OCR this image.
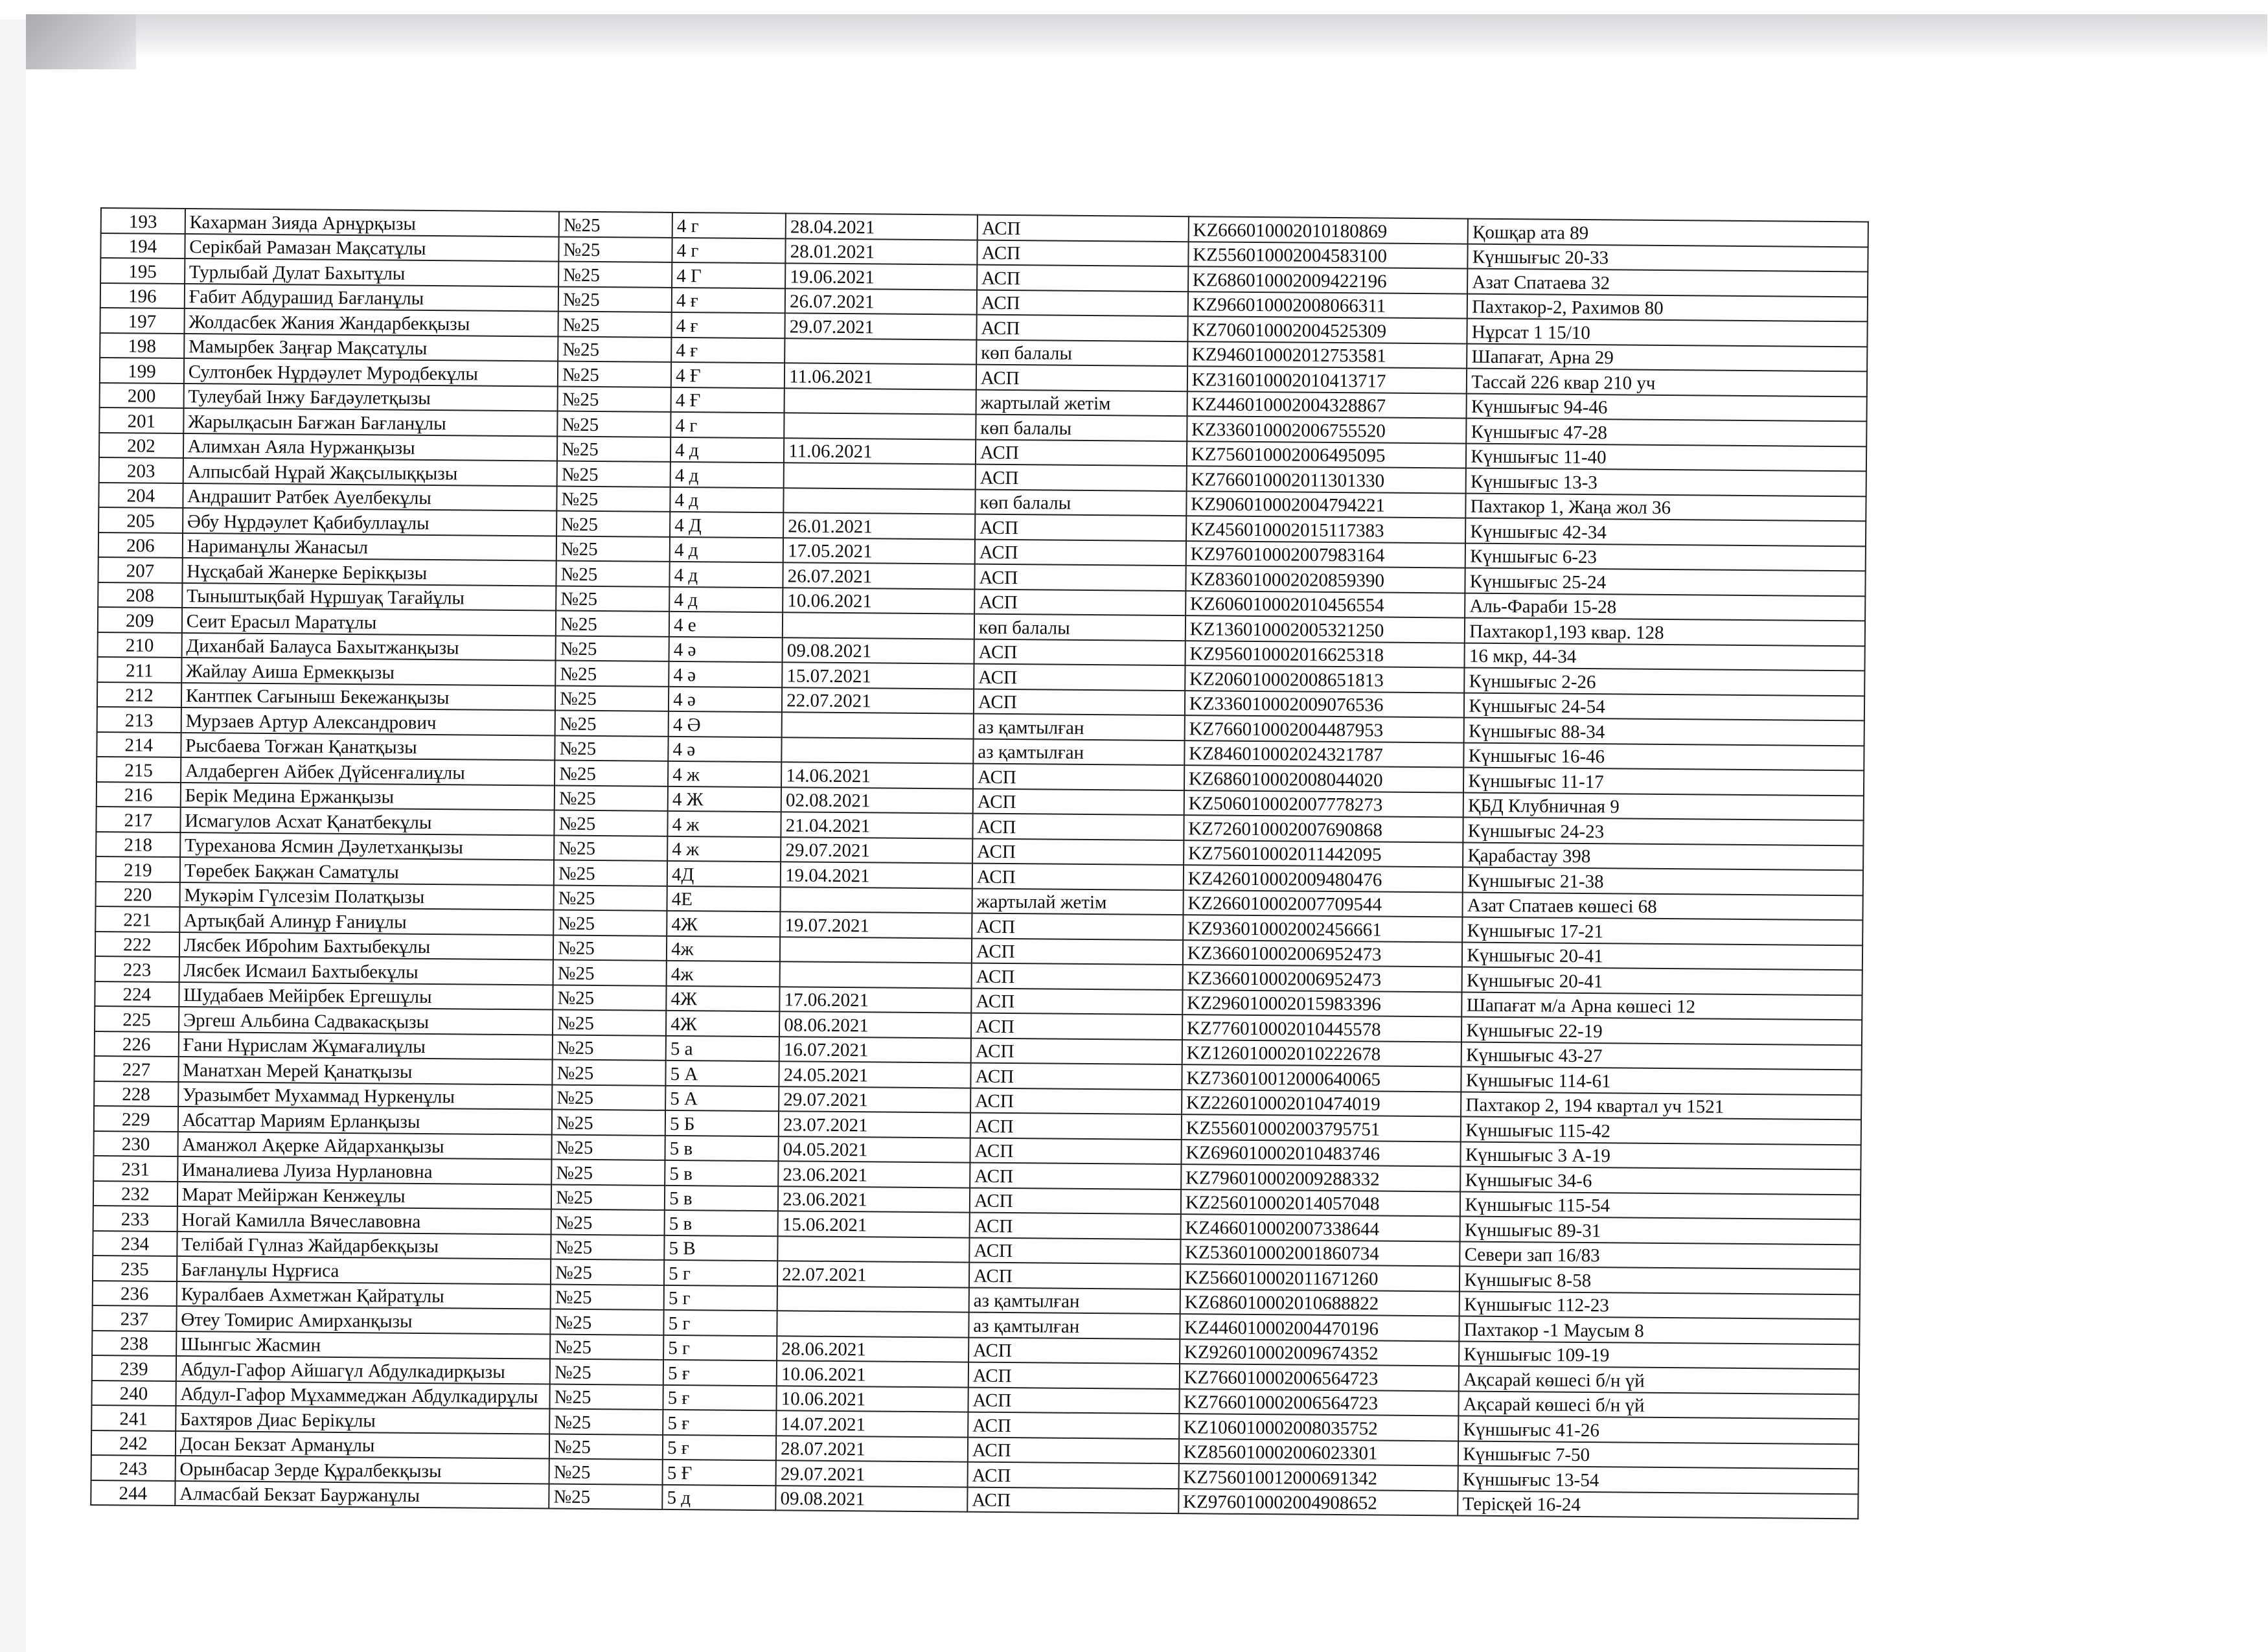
193	Кахарман Зияда Арнұрқызы	№25	4 г	28.04.2021	АСП	KZ666010002010180869	Қошқар ата 89
194	Серікбай Рамазан Мақсатұлы	№25	4 г	28.01.2021	АСП	KZ556010002004583100	Күншығыс 20-33
195	Турлыбай Дулат Бахытұлы	№25	4 Г	19.06.2021	АСП	KZ686010002009422196	Азат Спатаева 32
196	Ғабит Абдурашид Бағланұлы	№25	4 ғ	26.07.2021	АСП	KZ966010002008066311	Пахтакор-2, Рахимов 80
197	Жолдасбек Жания Жандарбекқызы	№25	4 ғ	29.07.2021	АСП	KZ706010002004525309	Нұрсат 1 15/10
198	Мамырбек Заңғар Мақсатұлы	№25	4 ғ		көп балалы	KZ946010002012753581	Шапағат, Арна 29
199	Султонбек Нұрдәулет Муродбекұлы	№25	4 Ғ	11.06.2021	АСП	KZ316010002010413717	Тассай 226 квар 210 уч
200	Тулеубай Інжу Бағдәулетқызы	№25	4 Ғ		жартылай жетім	KZ446010002004328867	Күншығыс 94-46
201	Жарылқасын Бағжан Бағланұлы	№25	4 г		көп балалы	KZ336010002006755520	Күншығыс 47-28
202	Алимхан Аяла Нуржанқызы	№25	4 д	11.06.2021	АСП	KZ756010002006495095	Күншығыс 11-40
203	Алпысбай Нұрай Жақсылыққызы	№25	4 д		АСП	KZ766010002011301330	Күншығыс 13-3
204	Андрашит Ратбек Ауелбекұлы	№25	4 д		көп балалы	KZ906010002004794221	Пахтакор 1, Жаңа жол 36
205	Әбу Нұрдәулет Қабибуллаұлы	№25	4 Д	26.01.2021	АСП	KZ456010002015117383	Күншығыс 42-34
206	Нариманұлы Жанасыл	№25	4 д	17.05.2021	АСП	KZ976010002007983164	Күншығыс 6-23
207	Нұсқабай Жанерке Берікқызы	№25	4 д	26.07.2021	АСП	KZ836010002020859390	Күншығыс 25-24
208	Тыныштықбай Нұршуақ Тағайұлы	№25	4 д	10.06.2021	АСП	KZ606010002010456554	Аль-Фараби 15-28
209	Сеит Ерасыл Маратұлы	№25	4 е		көп балалы	KZ136010002005321250	Пахтакор1,193 квар. 128
210	Диханбай Балауса Бахытжанқызы	№25	4 ә	09.08.2021	АСП	KZ956010002016625318	16 мкр, 44-34
211	Жайлау Аиша Ермекқызы	№25	4 ә	15.07.2021	АСП	KZ206010002008651813	Күншығыс 2-26
212	Кантпек Сағыныш Бекежанқызы	№25	4 ә	22.07.2021	АСП	KZ336010002009076536	Күншығыс 24-54
213	Мурзаев Артур Александрович	№25	4 Ә		аз қамтылған	KZ766010002004487953	Күншығыс 88-34
214	Рысбаева Тоғжан Қанатқызы	№25	4 ә		аз қамтылған	KZ846010002024321787	Күншығыс 16-46
215	Алдаберген Айбек Дүйсенғалиұлы	№25	4 ж	14.06.2021	АСП	KZ686010002008044020	Күншығыс 11-17
216	Берік Медина Ержанқызы	№25	4 Ж	02.08.2021	АСП	KZ506010002007778273	ҚБД Клубничная 9
217	Исмагулов Асхат Қанатбекұлы	№25	4 ж	21.04.2021	АСП	KZ726010002007690868	Күншығыс 24-23
218	Туреханова Ясмин Дәулетханқызы	№25	4 ж	29.07.2021	АСП	KZ756010002011442095	Қарабастау 398
219	Төребек Бақжан Саматұлы	№25	4Д	19.04.2021	АСП	KZ426010002009480476	Күншығыс 21-38
220	Мукәрім Гүлсезім Полатқызы	№25	4Е		жартылай жетім	KZ266010002007709544	Азат Спатаев көшесі 68
221	Артықбай Алинұр Ғаниұлы	№25	4Ж	19.07.2021	АСП	KZ936010002002456661	Күншығыс 17-21
222	Лясбек Иброһим Бахтыбекұлы	№25	4ж		АСП	KZ366010002006952473	Күншығыс 20-41
223	Лясбек Исмаил Бахтыбекұлы	№25	4ж		АСП	KZ366010002006952473	Күншығыс 20-41
224	Шудабаев Мейірбек Ергешұлы	№25	4Ж	17.06.2021	АСП	KZ296010002015983396	Шапағат м/а Арна көшесі 12
225	Эргеш Альбина Садвакасқызы	№25	4Ж	08.06.2021	АСП	KZ776010002010445578	Күншығыс 22-19
226	Ғани Нұрислам Жұмағалиұлы	№25	5 а	16.07.2021	АСП	KZ126010002010222678	Күншығыс 43-27
227	Манатхан Мерей Қанатқызы	№25	5 А	24.05.2021	АСП	KZ736010012000640065	Күншығыс 114-61
228	Уразымбет Мухаммад Нуркенұлы	№25	5 А	29.07.2021	АСП	KZ226010002010474019	Пахтакор 2, 194 квартал уч 1521
229	Абсаттар Мариям Ерланқызы	№25	5 Б	23.07.2021	АСП	KZ556010002003795751	Күншығыс 115-42
230	Аманжол Ақерке Айдарханқызы	№25	5 в	04.05.2021	АСП	KZ696010002010483746	Күншығыс 3 А-19
231	Иманалиева Луиза Нурлановна	№25	5 в	23.06.2021	АСП	KZ796010002009288332	Күншығыс 34-6
232	Марат Мейіржан Кенжеұлы	№25	5 в	23.06.2021	АСП	KZ256010002014057048	Күншығыс 115-54
233	Ногай Камилла Вячеславовна	№25	5 в	15.06.2021	АСП	KZ466010002007338644	Күншығыс 89-31
234	Телібай Гүлназ Жайдарбекқызы	№25	5 В		АСП	KZ536010002001860734	Севери зап 16/83
235	Бағланұлы Нұрғиса	№25	5 г	22.07.2021	АСП	KZ566010002011671260	Күншығыс 8-58
236	Куралбаев Ахметжан Қайратұлы	№25	5 г		аз қамтылған	KZ686010002010688822	Күншығыс 112-23
237	Өтеу Томирис Амирханқызы	№25	5 г		аз қамтылған	KZ446010002004470196	Пахтакор -1 Маусым 8
238	Шынгыс Жасмин	№25	5 г	28.06.2021	АСП	KZ926010002009674352	Күншығыс 109-19
239	Абдул-Гафор Айшагүл Абдулкадирқызы	№25	5 ғ	10.06.2021	АСП	KZ766010002006564723	Ақсарай көшесі б/н үй
240	Абдул-Гафор Мұхаммеджан Абдулкадирұлы	№25	5 ғ	10.06.2021	АСП	KZ766010002006564723	Ақсарай көшесі б/н үй
241	Бахтяров Диас Берікұлы	№25	5 ғ	14.07.2021	АСП	KZ106010002008035752	Күншығыс 41-26
242	Досан Бекзат Арманұлы	№25	5 ғ	28.07.2021	АСП	KZ856010002006023301	Күншығыс 7-50
243	Орынбасар Зерде Құралбекқызы	№25	5 Ғ	29.07.2021	АСП	KZ756010012000691342	Күншығыс 13-54
244	Алмасбай Бекзат Бауржанұлы	№25	5 д	09.08.2021	АСП	KZ976010002004908652	Терісқей 16-24
